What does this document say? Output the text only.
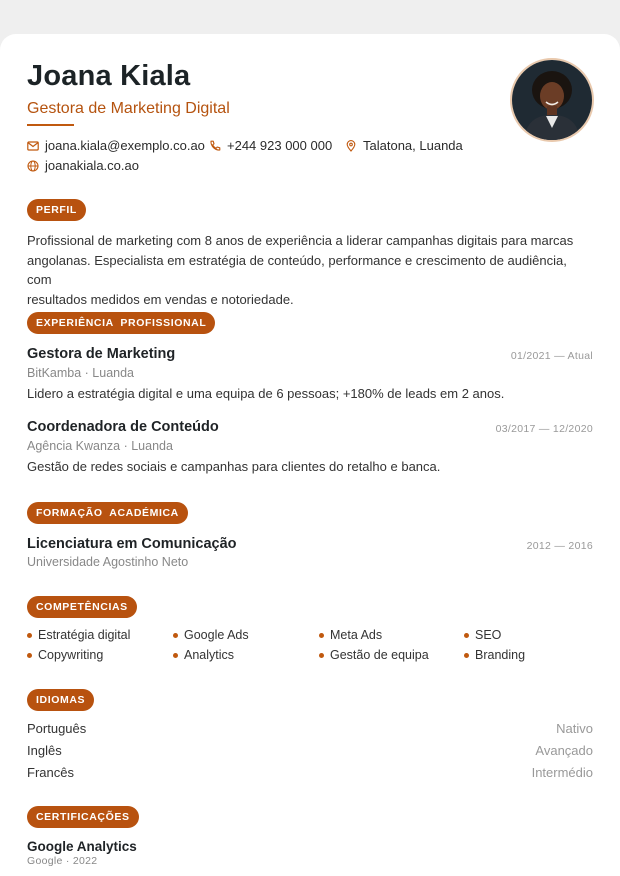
Joana Kiala
Gestora de Marketing Digital
joana.kiala@exemplo.co.ao +244 923 000 000 Talatona, Luanda
joanakiala.co.ao
PERFIL
Profissional de marketing com 8 anos de experiência a liderar campanhas digitais para marcas
angolanas. Especialista em estratégia de conteúdo, performance e crescimento de audiência, com
resultados medidos em vendas e notoriedade.
EXPERIÊNCIA  PROFISSIONAL
Gestora de Marketing	01/2021 — Atual
BitKamba · Luanda
Lidero a estratégia digital e uma equipa de 6 pessoas; +180% de leads em 2 anos.
Coordenadora de Conteúdo	03/2017 — 12/2020
Agência Kwanza · Luanda
Gestão de redes sociais e campanhas para clientes do retalho e banca.
FORMAÇÃO  ACADÉMICA
Licenciatura em Comunicação	2012 — 2016
Universidade Agostinho Neto
COMPETÊNCIAS
Estratégia digital	Google Ads	Meta Ads	SEO
Copywriting	Analytics	Gestão de equipa	Branding
IDIOMAS
Português	Nativo
Inglês	Avançado
Francês	Intermédio
CERTIFICAÇÕES
Google Analytics
Google · 2022
